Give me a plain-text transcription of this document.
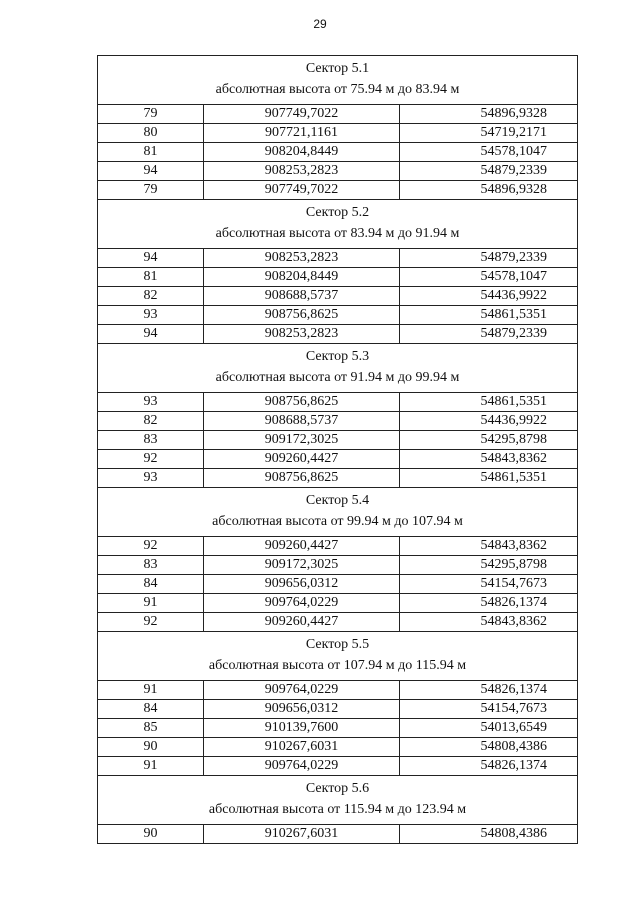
29
Сектор 5.1
абсолютная высота от 75.94 м до 83.94 м		

79	907749,7022	54896,9328
80	907721,1161	54719,2171
81	908204,8449	54578,1047
94	908253,2823	54879,2339
79	907749,7022	54896,9328

Сектор 5.2
абсолютная высота от 83.94 м до 91.94 м		

94	908253,2823	54879,2339
81	908204,8449	54578,1047
82	908688,5737	54436,9922
93	908756,8625	54861,5351
94	908253,2823	54879,2339

Сектор 5.3
абсолютная высота от 91.94 м до 99.94 м		

93	908756,8625	54861,5351
82	908688,5737	54436,9922
83	909172,3025	54295,8798
92	909260,4427	54843,8362
93	908756,8625	54861,5351

Сектор 5.4
абсолютная высота от 99.94 м до 107.94 м		

92	909260,4427	54843,8362
83	909172,3025	54295,8798
84	909656,0312	54154,7673
91	909764,0229	54826,1374
92	909260,4427	54843,8362

Сектор 5.5
абсолютная высота от 107.94 м до 115.94 м		

91	909764,0229	54826,1374
84	909656,0312	54154,7673
85	910139,7600	54013,6549
90	910267,6031	54808,4386
91	909764,0229	54826,1374

Сектор 5.6
абсолютная высота от 115.94 м до 123.94 м		

90	910267,6031	54808,4386
